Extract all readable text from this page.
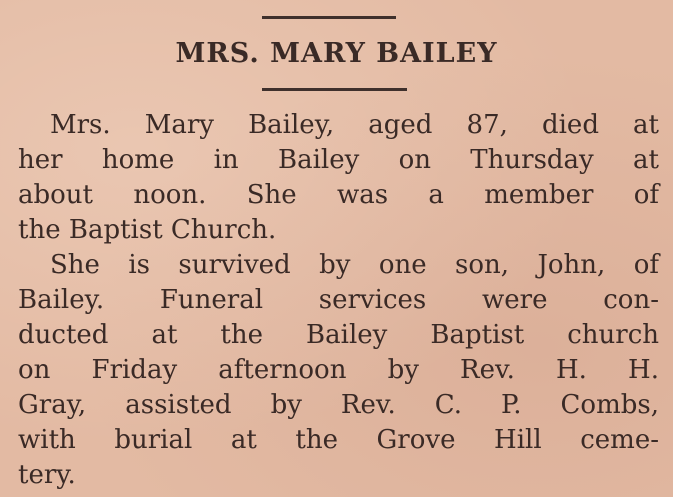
MRS. MARY BAILEY
Mrs. Mary Bailey, aged 87, died at
her home in Bailey on Thursday at
about noon. She was a member of
the Baptist Church.
She is survived by one son, John, of
Bailey. Funeral services were con-
ducted at the Bailey Baptist church
on Friday afternoon by Rev. H. H.
Gray, assisted by Rev. C. P. Combs,
with burial at the Grove Hill ceme-
tery.
